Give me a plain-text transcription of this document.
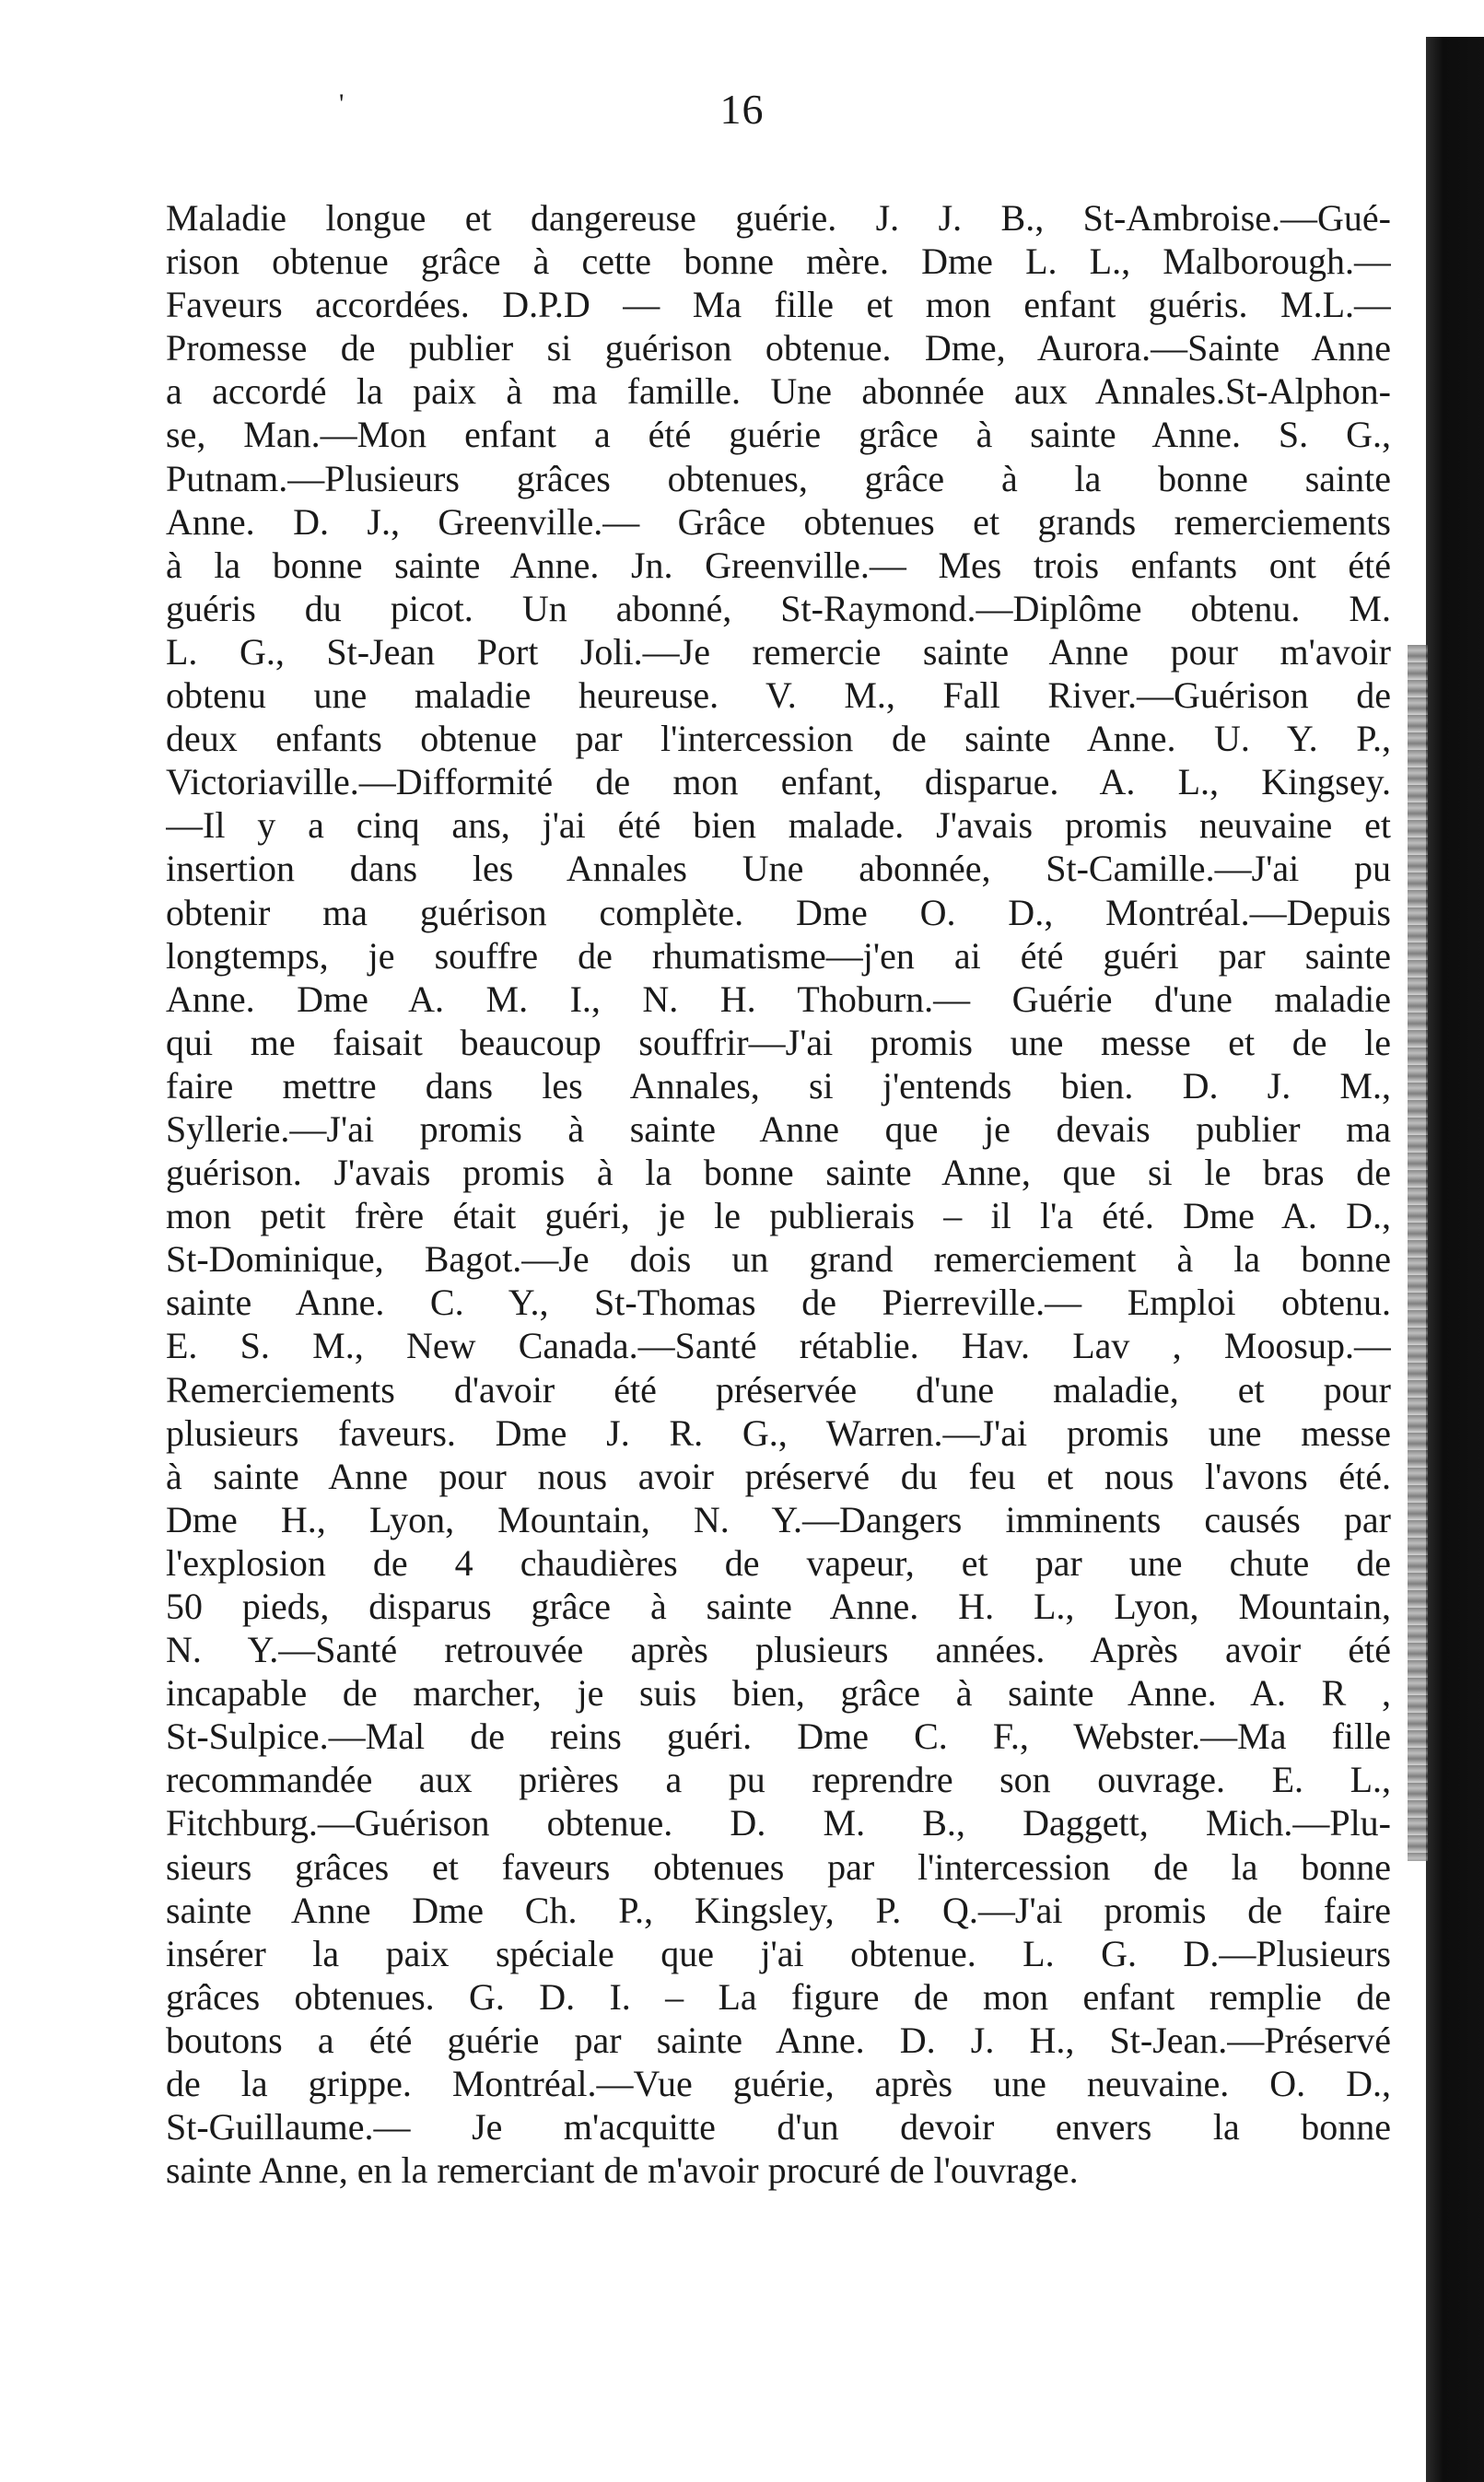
'	16
Maladie longue et dangereuse guérie. J. J. B., St-Ambroise.—Gué-
rison obtenue grâce à cette bonne mère. Dme L. L., Malborough.—
Faveurs accordées. D.P.D — Ma fille et mon enfant guéris. M.L.—
Promesse de publier si guérison obtenue. Dme, Aurora.—Sainte Anne
a accordé la paix à ma famille. Une abonnée aux Annales.St-Alphon-
se, Man.—Mon enfant a été guérie grâce à sainte Anne. S. G.,
Putnam.—Plusieurs grâces obtenues, grâce à la bonne sainte
Anne. D. J., Greenville.— Grâce obtenues et grands remerciements
à la bonne sainte Anne. Jn. Greenville.— Mes trois enfants ont été
guéris du picot. Un abonné, St-Raymond.—Diplôme obtenu. M.
L. G., St-Jean Port Joli.—Je remercie sainte Anne pour m'avoir
obtenu une maladie heureuse. V. M., Fall River.—Guérison de
deux enfants obtenue par l'intercession de sainte Anne. U. Y. P.,
Victoriaville.—Difformité de mon enfant, disparue. A. L., Kingsey.
—Il y a cinq ans, j'ai été bien malade. J'avais promis neuvaine et
insertion dans les Annales Une abonnée, St-Camille.—J'ai pu
obtenir ma guérison complète. Dme O. D., Montréal.—Depuis
longtemps, je souffre de rhumatisme—j'en ai été guéri par sainte
Anne. Dme A. M. I., N. H. Thoburn.— Guérie d'une maladie
qui me faisait beaucoup souffrir—J'ai promis une messe et de le
faire mettre dans les Annales, si j'entends bien. D. J. M.,
Syllerie.—J'ai promis à sainte Anne que je devais publier ma
guérison. J'avais promis à la bonne sainte Anne, que si le bras de
mon petit frère était guéri, je le publierais – il l'a été. Dme A. D.,
St-Dominique, Bagot.—Je dois un grand remerciement à la bonne
sainte Anne. C. Y., St-Thomas de Pierreville.— Emploi obtenu.
E. S. M., New Canada.—Santé rétablie. Hav. Lav , Moosup.—
Remerciements d'avoir été préservée d'une maladie, et pour
plusieurs faveurs. Dme J. R. G., Warren.—J'ai promis une messe
à sainte Anne pour nous avoir préservé du feu et nous l'avons été.
Dme H., Lyon, Mountain, N. Y.—Dangers imminents causés par
l'explosion de 4 chaudières de vapeur, et par une chute de
50 pieds, disparus grâce à sainte Anne. H. L., Lyon, Mountain,
N. Y.—Santé retrouvée après plusieurs années. Après avoir été
incapable de marcher, je suis bien, grâce à sainte Anne. A. R ,
St-Sulpice.—Mal de reins guéri. Dme C. F., Webster.—Ma fille
recommandée aux prières a pu reprendre son ouvrage. E. L.,
Fitchburg.—Guérison obtenue. D. M. B., Daggett, Mich.—Plu-
sieurs grâces et faveurs obtenues par l'intercession de la bonne
sainte Anne Dme Ch. P., Kingsley, P. Q.—J'ai promis de faire
insérer la paix spéciale que j'ai obtenue. L. G. D.—Plusieurs
grâces obtenues. G. D. I. – La figure de mon enfant remplie de
boutons a été guérie par sainte Anne. D. J. H., St-Jean.—Préservé
de la grippe. Montréal.—Vue guérie, après une neuvaine. O. D.,
St-Guillaume.— Je m'acquitte d'un devoir envers la bonne
sainte Anne, en la remerciant de m'avoir procuré de l'ouvrage.
